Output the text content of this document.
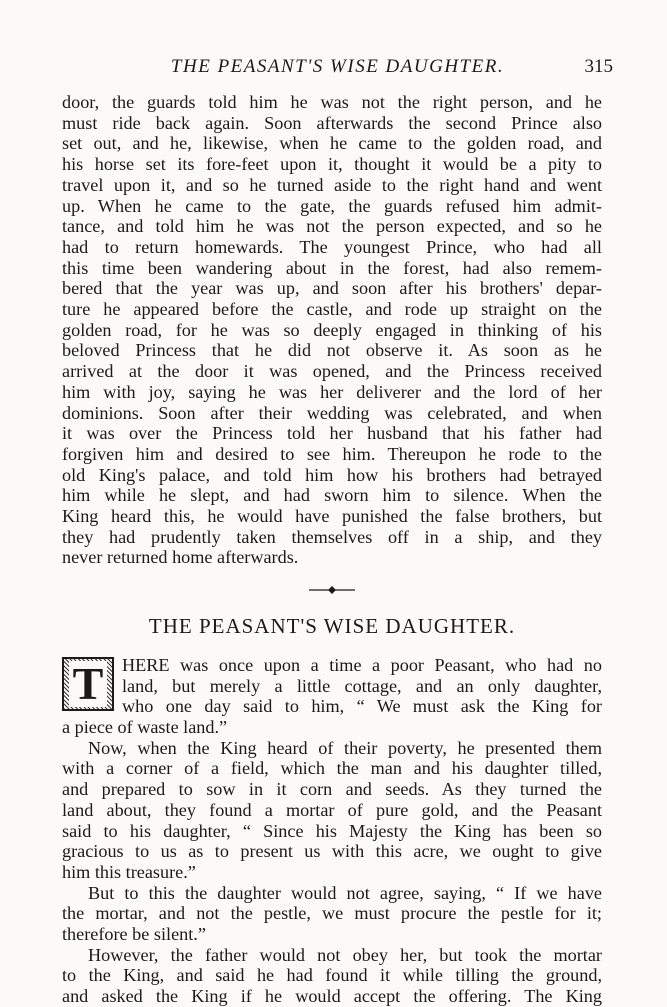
THE PEASANT'S WISE DAUGHTER.	315

door, the guards told him he was not the right person, and he

must ride back again. Soon afterwards the second Prince also

set out, and he, likewise, when he came to the golden road, and

his horse set its fore-feet upon it, thought it would be a pity to

travel upon it, and so he turned aside to the right hand and went

up. When he came to the gate, the guards refused him admit-

tance, and told him he was not the person expected, and so he

had to return homewards. The youngest Prince, who had all

this time been wandering about in the forest, had also remem-

bered that the year was up, and soon after his brothers' depar-

ture he appeared before the castle, and rode up straight on the

golden road, for he was so deeply engaged in thinking of his

beloved Princess that he did not observe it. As soon as he

arrived at the door it was opened, and the Princess received

him with joy, saying he was her deliverer and the lord of her

dominions. Soon after their wedding was celebrated, and when

it was over the Princess told her husband that his father had

forgiven him and desired to see him. Thereupon he rode to the

old King's palace, and told him how his brothers had betrayed

him while he slept, and had sworn him to silence. When the

King heard this, he would have punished the false brothers, but

they had prudently taken themselves off in a ship, and they

never returned home afterwards.

THE PEASANT'S WISE DAUGHTER.
T	HERE was once upon a time a poor Peasant, who had no

land, but merely a little cottage, and an only daughter,

who one day said to him, “ We must ask the King for

a piece of waste land.”

Now, when the King heard of their poverty, he presented them

with a corner of a field, which the man and his daughter tilled,

and prepared to sow in it corn and seeds. As they turned the

land about, they found a mortar of pure gold, and the Peasant

said to his daughter, “ Since his Majesty the King has been so

gracious to us as to present us with this acre, we ought to give

him this treasure.”

But to this the daughter would not agree, saying, “ If we have

the mortar, and not the pestle, we must procure the pestle for it;

therefore be silent.”

However, the father would not obey her, but took the mortar

to the King, and said he had found it while tilling the ground,

and asked the King if he would accept the offering. The King
